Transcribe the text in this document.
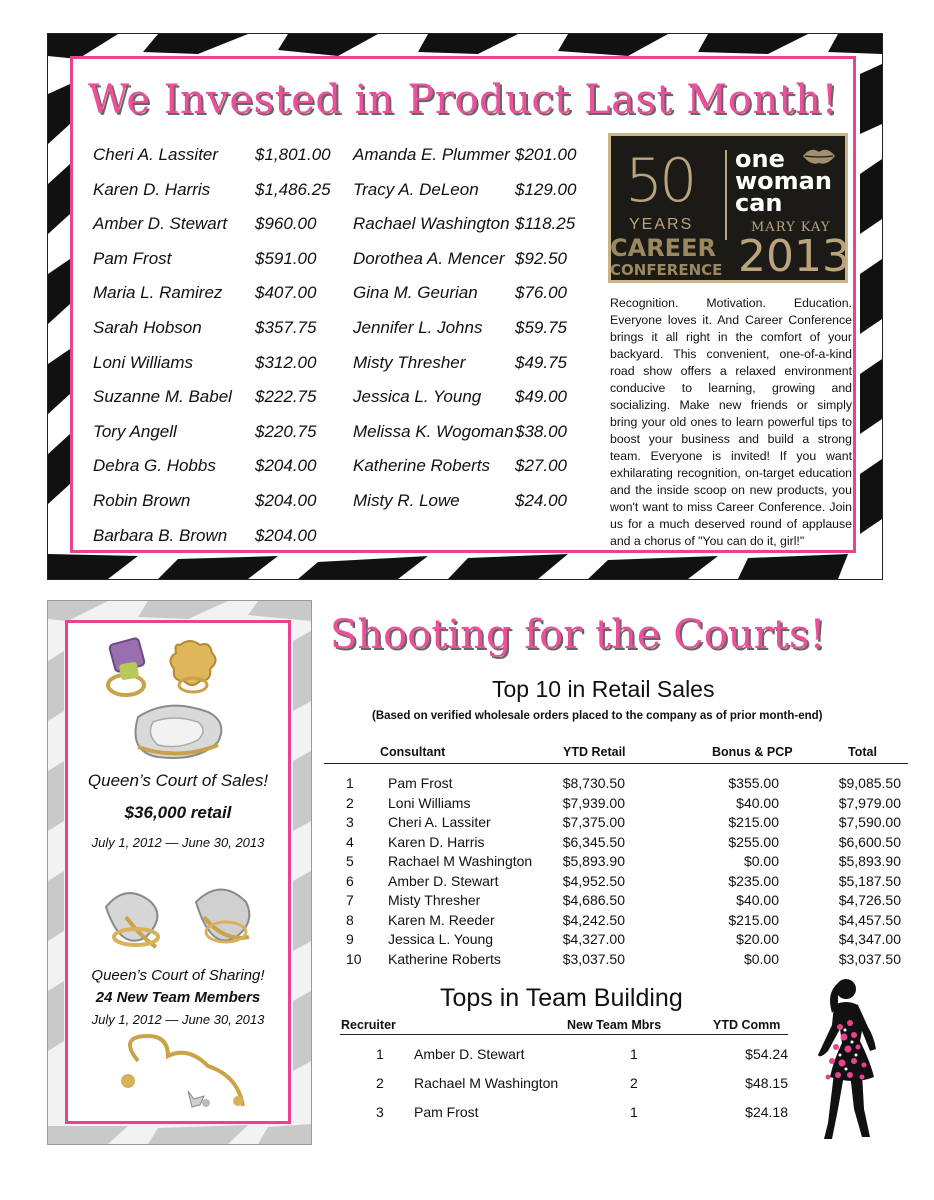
We Invested in Product Last Month!
Cheri A. Lassiter $1,801.00
Karen D. Harris	$1,486.25
Amber D. Stewart $960.00
Pam Frost	$591.00
Maria L. Ramirez $407.00
Sarah Hobson	$357.75
Loni Williams	$312.00
Suzanne M. Babel $222.75
Tory Angell	$220.75
Debra G. Hobbs $204.00
Robin Brown	$204.00
Barbara B. Brown $204.00
Amanda E. Plummer $201.00
Tracy A. DeLeon $129.00
Rachael Washington $118.25
Dorothea A. Mencer $92.50
Gina M. Geurian $76.00
Jennifer L. Johns $59.75
Misty Thresher	$49.75
Jessica L. Young $49.00
Melissa K. Wogoman $38.00
Katherine Roberts $27.00
Misty R. Lowe	$24.00
50
YEARS
one
woman
can
MARY KAY
CAREER
CONFERENCE 2013
Recognition. Motivation. Education. Everyone loves it. And Career Conference brings it all right in the comfort of your backyard. This convenient, one-of-a-kind road show offers a relaxed environment conducive to learning, growing and socializing. Make new friends or simply bring your old ones to learn powerful tips to boost your business and build a strong team. Everyone is invited! If you want exhilarating recognition, on-target education and the inside scoop on new products, you won't want to miss Career Conference. Join us for a much deserved round of applause and a chorus of "You can do it, girl!"
Queen’s Court of Sales!
$36,000 retail
July 1, 2012 — June 30, 2013
Queen’s Court of Sharing!
24 New Team Members
July 1, 2012 — June 30, 2013
Shooting for the Courts!
Top 10 in Retail Sales
(Based on verified wholesale orders placed to the company as of prior month-end)
Consultant	YTD Retail	Bonus & PCP	Total
1 Pam Frost	$8,730.50	$355.00	$9,085.50
2 Loni Williams	$7,939.00	$40.00	$7,979.00
3 Cheri A. Lassiter	$7,375.00	$215.00	$7,590.00
4 Karen D. Harris	$6,345.50	$255.00	$6,600.50
5 Rachael M Washington $5,893.90	$0.00	$5,893.90
6 Amber D. Stewart	$4,952.50	$235.00	$5,187.50
7 Misty Thresher	$4,686.50	$40.00	$4,726.50
8 Karen M. Reeder	$4,242.50	$215.00	$4,457.50
9 Jessica L. Young	$4,327.00	$20.00	$4,347.00
10 Katherine Roberts	$3,037.50	$0.00	$3,037.50
Tops in Team Building
Recruiter	New Team Mbrs	YTD Comm
1 Amber D. Stewart	1	$54.24
2 Rachael M Washington	2	$48.15
3 Pam Frost	1	$24.18
